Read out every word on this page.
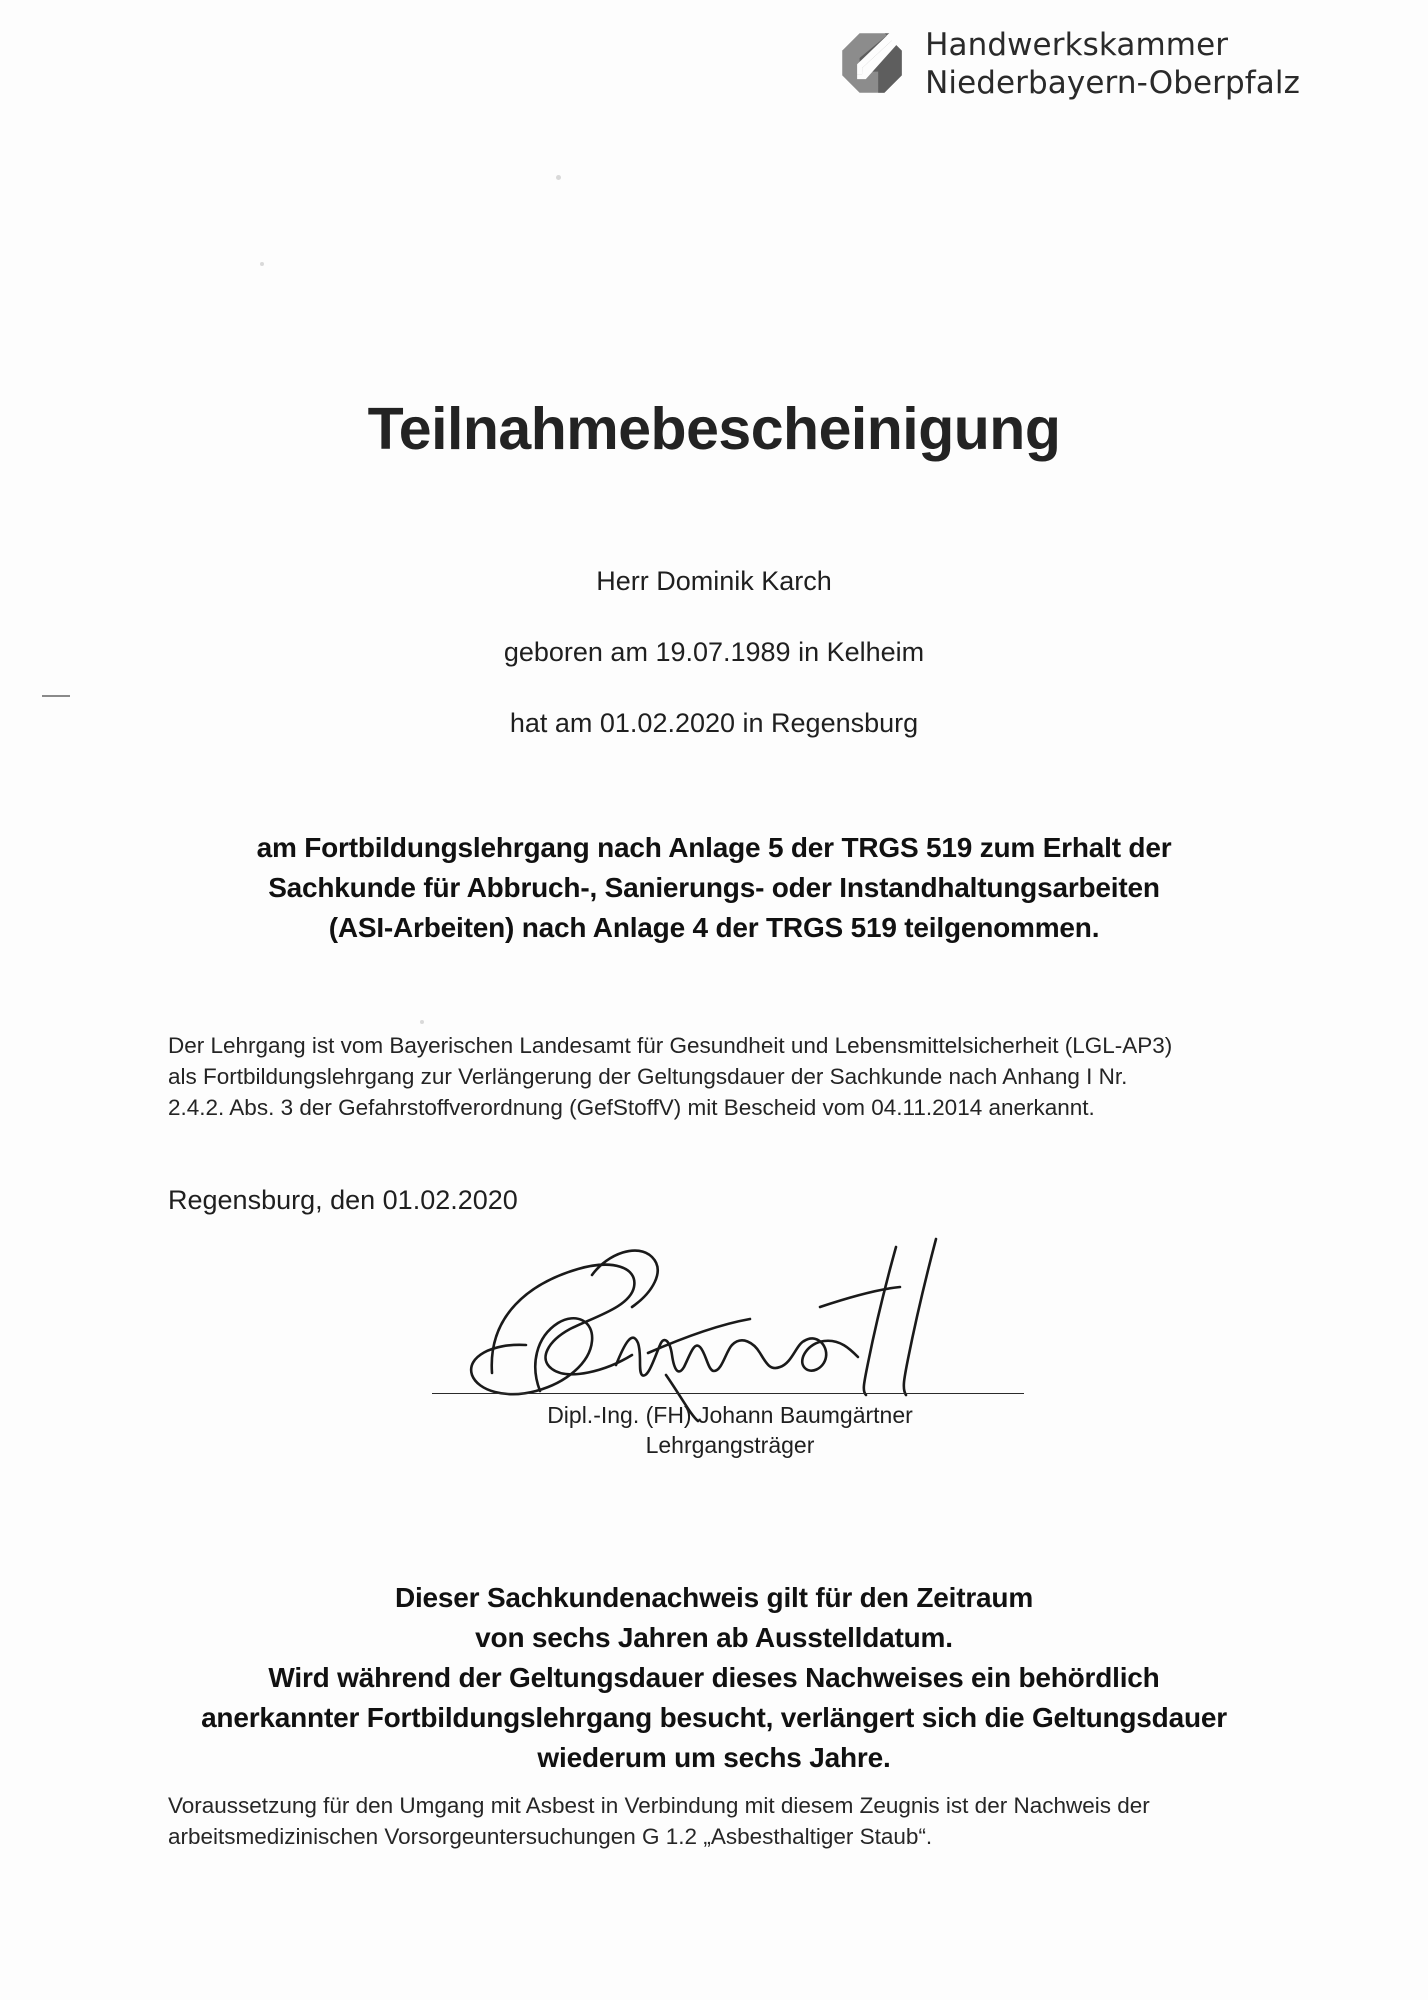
Handwerkskammer
Niederbayern-Oberpfalz
Teilnahmebescheinigung
Herr Dominik Karch
geboren am 19.07.1989 in Kelheim
hat am 01.02.2020 in Regensburg
am Fortbildungslehrgang nach Anlage 5 der TRGS 519 zum Erhalt der
Sachkunde für Abbruch-, Sanierungs- oder Instandhaltungsarbeiten
(ASI-Arbeiten) nach Anlage 4 der TRGS 519 teilgenommen.
Der Lehrgang ist vom Bayerischen Landesamt für Gesundheit und Lebensmittelsicherheit (LGL-AP3)
als Fortbildungslehrgang zur Verlängerung der Geltungsdauer der Sachkunde nach Anhang I Nr.
2.4.2. Abs. 3 der Gefahrstoffverordnung (GefStoffV) mit Bescheid vom 04.11.2014 anerkannt.
Regensburg, den 01.02.2020
Dipl.-Ing. (FH) Johann Baumgärtner
Lehrgangsträger
Dieser Sachkundenachweis gilt für den Zeitraum
von sechs Jahren ab Ausstelldatum.
Wird während der Geltungsdauer dieses Nachweises ein behördlich
anerkannter Fortbildungslehrgang besucht, verlängert sich die Geltungsdauer
wiederum um sechs Jahre.
Voraussetzung für den Umgang mit Asbest in Verbindung mit diesem Zeugnis ist der Nachweis der
arbeitsmedizinischen Vorsorgeuntersuchungen G 1.2 „Asbesthaltiger Staub“.
